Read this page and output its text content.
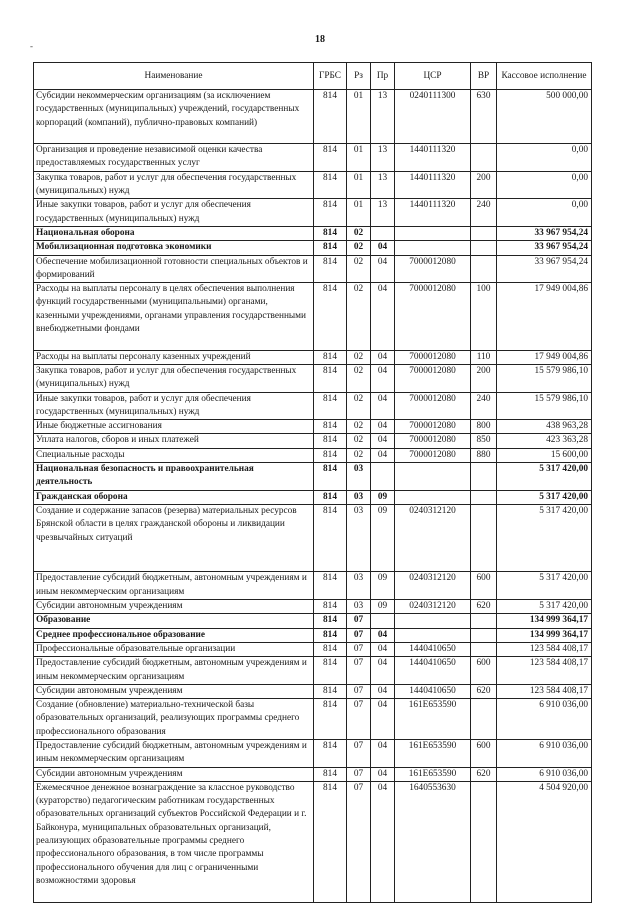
18
-
Наименование	ГРБС	Рз	Пр	ЦСР	ВР	Кассовое исполнение
Субсидии некоммерческим организациям (за исключением государственных (муниципальных) учреждений, государственных корпораций (компаний), публично-правовых компаний)	814	01	13	0240111300	630	500 000,00
Организация и проведение независимой оценки качества предоставляемых государственных услуг	814	01	13	1440111320		0,00
Закупка товаров, работ и услуг для обеспечения государственных (муниципальных) нужд	814	01	13	1440111320	200	0,00
Иные закупки товаров, работ и услуг для обеспечения государственных (муниципальных) нужд	814	01	13	1440111320	240	0,00
Национальная оборона	814	02				33 967 954,24
Мобилизационная подготовка экономики	814	02	04			33 967 954,24
Обеспечение мобилизационной готовности специальных объектов и формирований	814	02	04	7000012080		33 967 954,24
Расходы на выплаты персоналу в целях обеспечения выполнения функций государственными (муниципальными) органами, казенными учреждениями, органами управления государственными внебюджетными фондами	814	02	04	7000012080	100	17 949 004,86
Расходы на выплаты персоналу казенных учреждений	814	02	04	7000012080	110	17 949 004,86
Закупка товаров, работ и услуг для обеспечения государственных (муниципальных) нужд	814	02	04	7000012080	200	15 579 986,10
Иные закупки товаров, работ и услуг для обеспечения государственных (муниципальных) нужд	814	02	04	7000012080	240	15 579 986,10
Иные бюджетные ассигнования	814	02	04	7000012080	800	438 963,28
Уплата налогов, сборов и иных платежей	814	02	04	7000012080	850	423 363,28
Специальные расходы	814	02	04	7000012080	880	15 600,00
Национальная безопасность и правоохранительная деятельность	814	03				5 317 420,00
Гражданская оборона	814	03	09			5 317 420,00
Создание и содержание запасов (резерва) материальных ресурсов Брянской области в целях гражданской обороны и ликвидации чрезвычайных ситуаций	814	03	09	0240312120		5 317 420,00
Предоставление субсидий бюджетным, автономным учреждениям и иным некоммерческим организациям	814	03	09	0240312120	600	5 317 420,00
Субсидии автономным учреждениям	814	03	09	0240312120	620	5 317 420,00
Образование	814	07				134 999 364,17
Среднее профессиональное образование	814	07	04			134 999 364,17
Профессиональные образовательные организации	814	07	04	1440410650		123 584 408,17
Предоставление субсидий бюджетным, автономным учреждениям и иным некоммерческим организациям	814	07	04	1440410650	600	123 584 408,17
Субсидии автономным учреждениям	814	07	04	1440410650	620	123 584 408,17
Создание (обновление) материально-технической базы образовательных организаций, реализующих программы среднего профессионального образования	814	07	04	161E653590		6 910 036,00
Предоставление субсидий бюджетным, автономным учреждениям и иным некоммерческим организациям	814	07	04	161E653590	600	6 910 036,00
Субсидии автономным учреждениям	814	07	04	161E653590	620	6 910 036,00
Ежемесячное денежное вознаграждение за классное руководство (кураторство) педагогическим работникам государственных образовательных организаций субъектов Российской Федерации и г. Байконура, муниципальных образовательных организаций, реализующих образовательные программы среднего профессионального образования, в том числе программы профессионального обучения для лиц с ограниченными возможностями здоровья	814	07	04	1640553630		4 504 920,00
